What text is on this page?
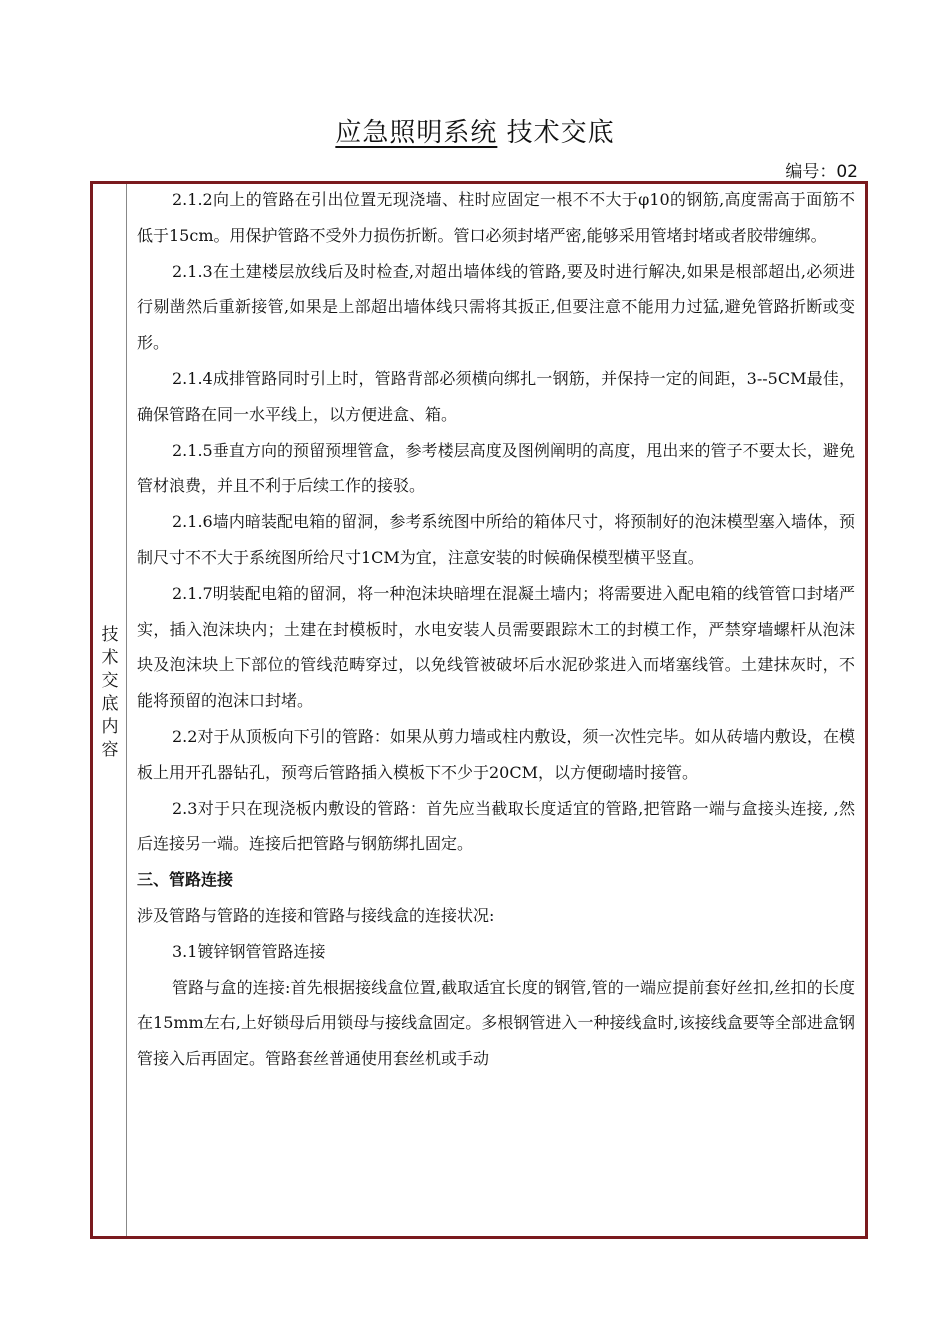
应急照明系统 技术交底
编号：02
技
术
交
底
内
容

2.1.2向上的管路在引出位置无现浇墙、柱时应固定一根不不大于φ10的钢筋,高度需高于面筋不低于15cm。用保护管路不受外力损伤折断。管口必须封堵严密,能够采用管堵封堵或者胶带缠绑。

2.1.3在土建楼层放线后及时检查,对超出墙体线的管路,要及时进行解决,如果是根部超出,必须进行剔凿然后重新接管,如果是上部超出墙体线只需将其扳正,但要注意不能用力过猛,避免管路折断或变形。

2.1.4成排管路同时引上时，管路背部必须横向绑扎一钢筋，并保持一定的间距，3--5CM最佳，确保管路在同一水平线上，以方便进盒、箱。

2.1.5垂直方向的预留预埋管盒，参考楼层高度及图例阐明的高度，甩出来的管子不要太长，避免管材浪费，并且不利于后续工作的接驳。

2.1.6墙内暗装配电箱的留洞，参考系统图中所给的箱体尺寸，将预制好的泡沫模型塞入墙体，预制尺寸不不大于系统图所给尺寸1CM为宜，注意安装的时候确保模型横平竖直。

2.1.7明装配电箱的留洞，将一种泡沫块暗埋在混凝土墙内；将需要进入配电箱的线管管口封堵严实，插入泡沫块内；土建在封模板时，水电安装人员需要跟踪木工的封模工作，严禁穿墙螺杆从泡沫块及泡沫块上下部位的管线范畴穿过，以免线管被破坏后水泥砂浆进入而堵塞线管。土建抹灰时，不能将预留的泡沫口封堵。

2.2对于从顶板向下引的管路：如果从剪力墙或柱内敷设，须一次性完毕。如从砖墙内敷设，在模板上用开孔器钻孔，预弯后管路插入模板下不少于20CM，以方便砌墙时接管。

2.3对于只在现浇板内敷设的管路：首先应当截取长度适宜的管路,把管路一端与盒接头连接, ,然后连接另一端。连接后把管路与钢筋绑扎固定。

三、管路连接

涉及管路与管路的连接和管路与接线盒的连接状况:

3.1镀锌钢管管路连接

管路与盒的连接:首先根据接线盒位置,截取适宜长度的钢管,管的一端应提前套好丝扣,丝扣的长度在15mm左右,上好锁母后用锁母与接线盒固定。多根钢管进入一种接线盒时,该接线盒要等全部进盒钢管接入后再固定。管路套丝普通使用套丝机或手动
